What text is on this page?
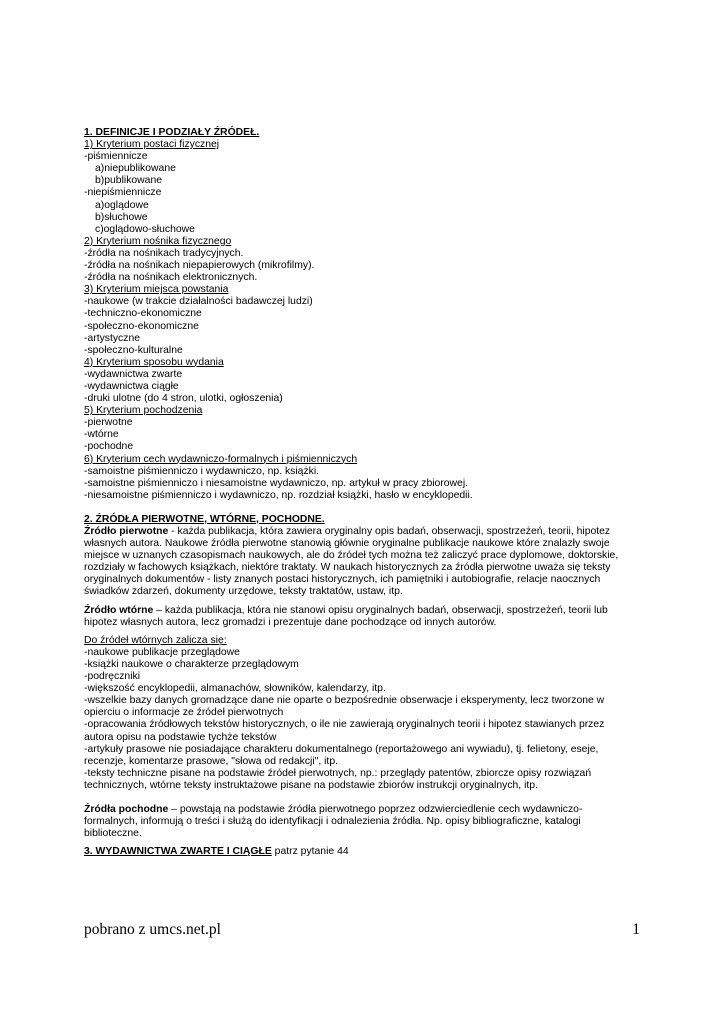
1. DEFINICJE I PODZIAŁY ŹRÓDEŁ.
1) Kryterium postaci fizycznej
-piśmiennicze
a)niepublikowane
b)publikowane
-niepiśmiennicze
a)oglądowe
b)słuchowe
c)oglądowo-słuchowe
2) Kryterium nośnika fizycznego
-źródła na nośnikach tradycyjnych.
-źródła na nośnikach niepapierowych (mikrofilmy).
-źródła na nośnikach elektronicznych.
3) Kryterium miejsca powstania
-naukowe (w trakcie działalności badawczej ludzi)
-techniczno-ekonomiczne
-społeczno-ekonomiczne
-artystyczne
-społeczno-kulturalne
4) Kryterium sposobu wydania
-wydawnictwa zwarte
-wydawnictwa ciągłe
-druki ulotne (do 4 stron, ulotki, ogłoszenia)
5) Kryterium pochodzenia
-pierwotne
-wtórne
-pochodne
6) Kryterium cech wydawniczo-formalnych i piśmienniczych
-samoistne piśmienniczo i wydawniczo, np. książki.
-samoistne piśmienniczo i niesamoistne wydawniczo, np. artykuł w pracy zbiorowej.
-niesamoistne piśmienniczo i wydawniczo, np. rozdział książki, hasło w encyklopedii.
2. ŹRÓDŁA PIERWOTNE, WTÓRNE, POCHODNE.
Źródło pierwotne - każda publikacja, która zawiera oryginalny opis badań, obserwacji, spostrzeżeń, teorii, hipotez
własnych autora. Naukowe źródła pierwotne stanowią głównie oryginalne publikacje naukowe które znalazły swoje
miejsce w uznanych czasopismach naukowych, ale do źródeł tych można też zaliczyć prace dyplomowe, doktorskie,
rozdziały w fachowych książkach, niektóre traktaty. W naukach historycznych za źródła pierwotne uważa się teksty
oryginalnych dokumentów - listy znanych postaci historycznych, ich pamiętniki i autobiografie, relacje naocznych
świadków zdarzeń, dokumenty urzędowe, teksty traktatów, ustaw, itp.
Źródło wtórne – każda publikacja, która nie stanowi opisu oryginalnych badań, obserwacji, spostrzeżeń, teorii lub
hipotez własnych autora, lecz gromadzi i prezentuje dane pochodzące od innych autorów.
Do źródeł wtórnych zalicza się:
-naukowe publikacje przeglądowe
-książki naukowe o charakterze przeglądowym
-podręczniki
-większość encyklopedii, almanachów, słowników, kalendarzy, itp.
-wszelkie bazy danych gromadzące dane nie oparte o bezpośrednie obserwacje i eksperymenty, lecz tworzone w
opierciu o informacje ze źródeł pierwotnych
-opracowania źródłowych tekstów historycznych, o ile nie zawierają oryginalnych teorii i hipotez stawianych przez
autora opisu na podstawie tychże tekstów
-artykuły prasowe nie posiadające charakteru dokumentalnego (reportażowego ani wywiadu), tj. felietony, eseje,
recenzje, komentarze prasowe, "słowa od redakcji", itp.
-teksty techniczne pisane na podstawie źródeł pierwotnych, np.: przeglądy patentów, zbiorcze opisy rozwiązań
technicznych, wtórne teksty instruktażowe pisane na podstawie zbiorów instrukcji oryginalnych, itp.
Źródła pochodne – powstają na podstawie źródła pierwotnego poprzez odzwierciedlenie cech wydawniczo-
formalnych, informują o treści i służą do identyfikacji i odnalezienia źródła. Np. opisy bibliograficzne, katalogi
biblioteczne.
3. WYDAWNICTWA ZWARTE I CIĄGŁE patrz pytanie 44
pobrano z umcs.net.pl	1
